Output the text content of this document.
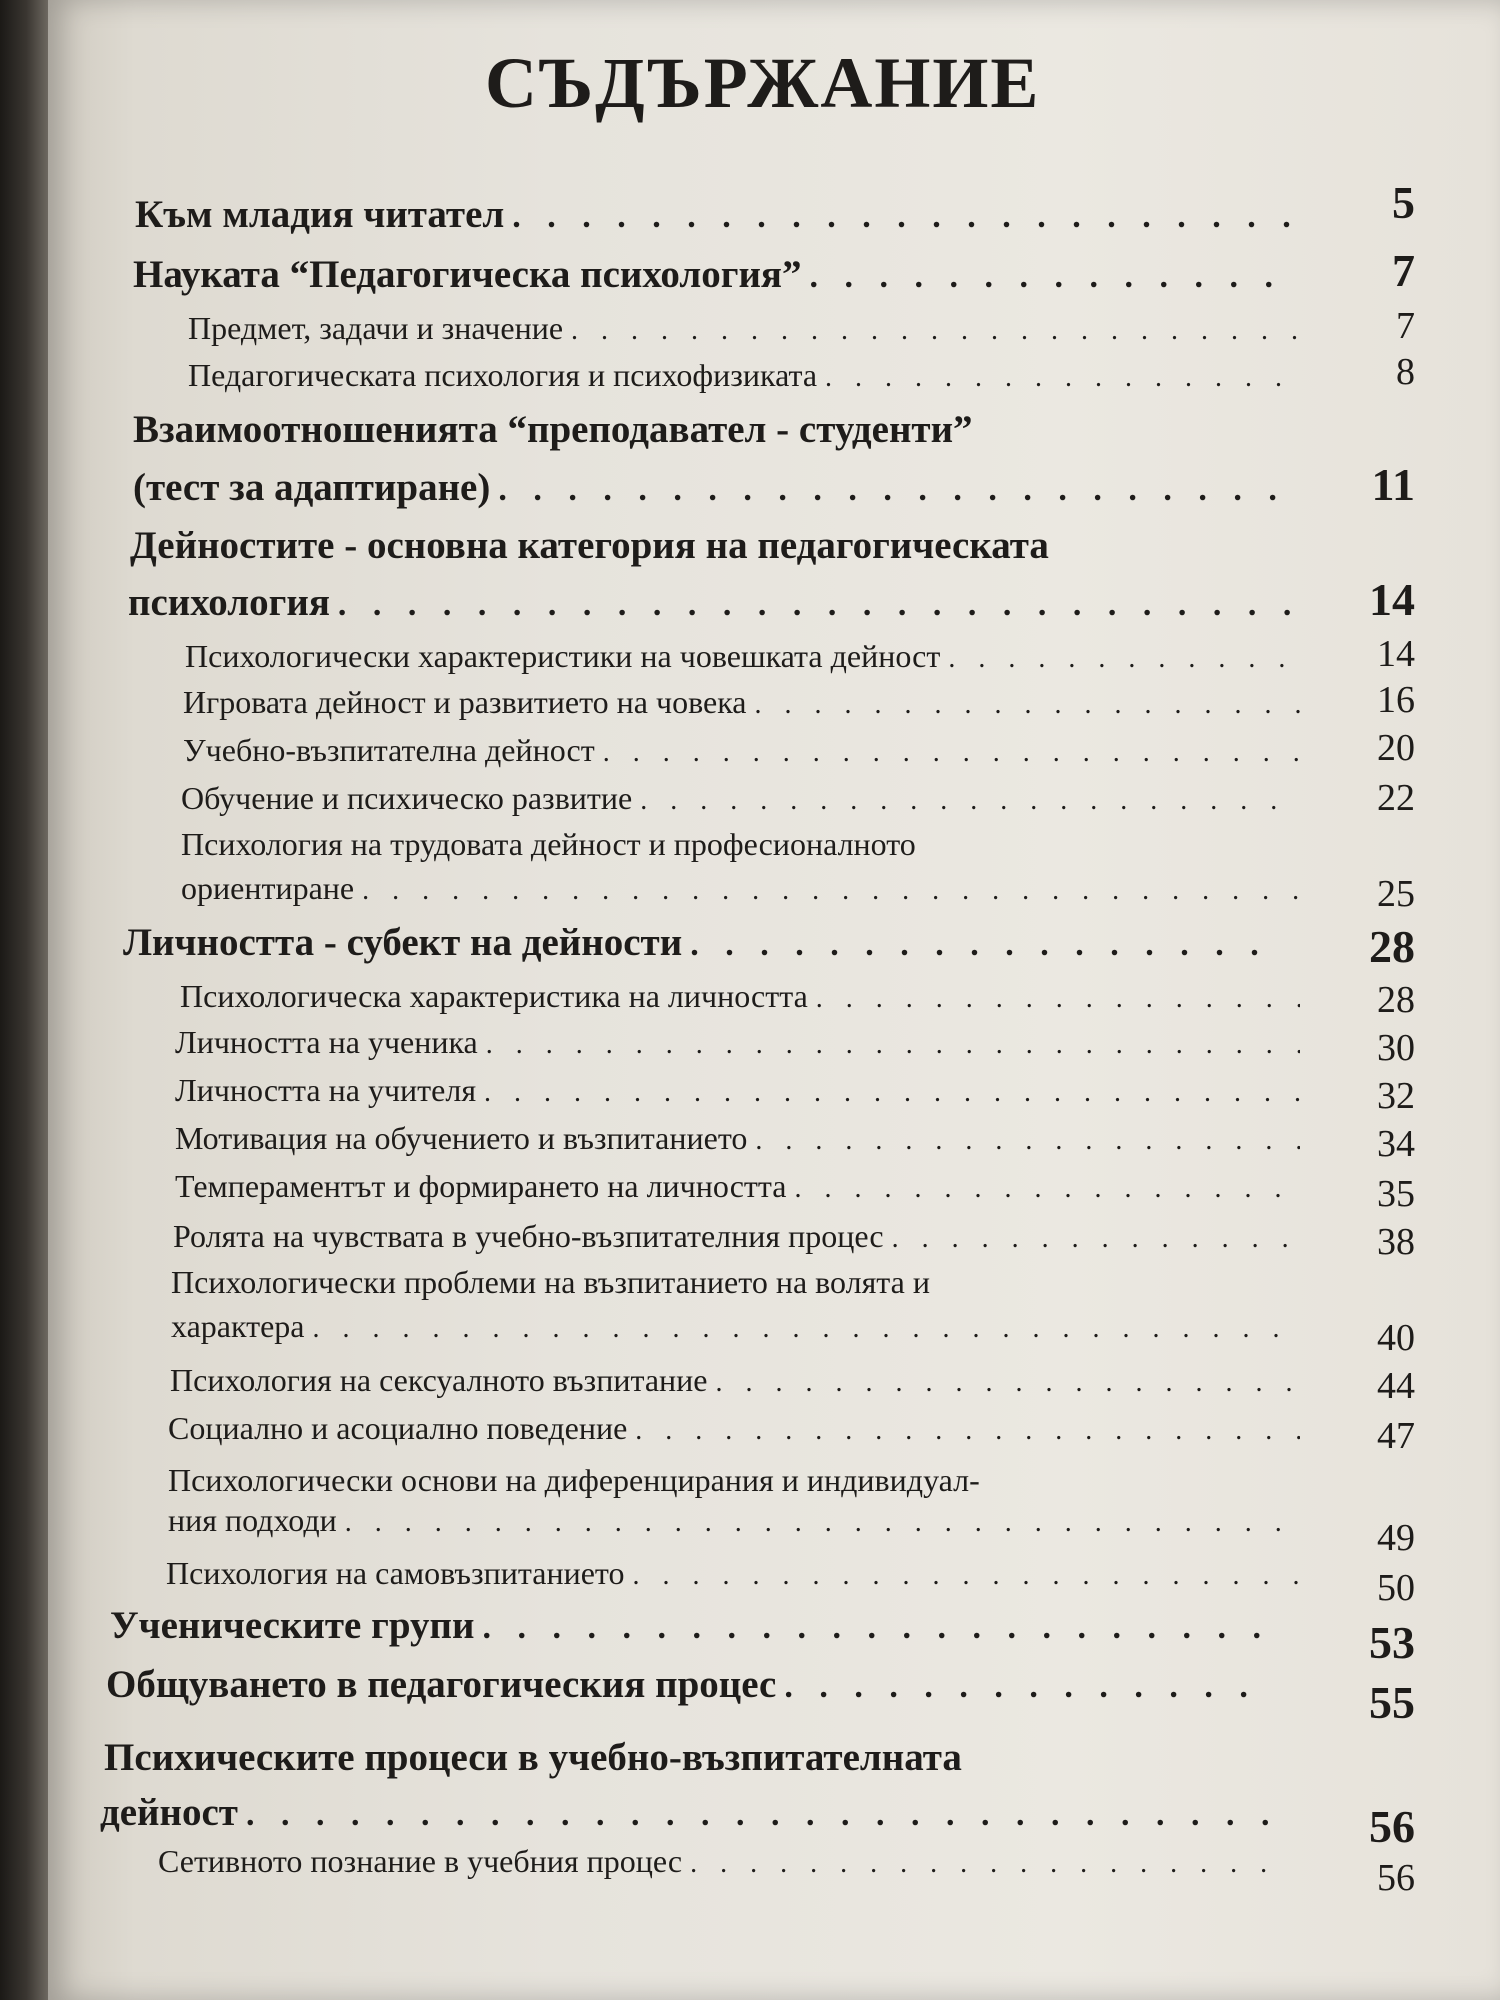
СЪДЪРЖАНИЕ
Към младия читател . . .	5
Науката “Педагогическа психология” . . .	7
Предмет, задачи и значение . . .	7
Педагогическата психология и психофизиката . . .	8
Взаимоотношенията “преподавател - студенти”
(тест за адаптиране) . . .	11
Дейностите - основна категория на педагогическата
психология . . .	14
Психологически характеристики на човешката дейност . . .	14
Игровата дейност и развитието на човека . . .	16
Учебно-възпитателна дейност . . .	20
Обучение и психическо развитие . . .	22
Психология на трудовата дейност и професионалното
ориентиране . . .	25
Личността - субект на дейности . . .	28
Психологическа характеристика на личността . . .	28
Личността на ученика . . .	30
Личността на учителя . . .	32
Мотивация на обучението и възпитанието . . .	34
Темпераментът и формирането на личността . . .	35
Ролята на чувствата в учебно-възпитателния процес . . .	38
Психологически проблеми на възпитанието на волята и
характера . . .	40
Психология на сексуалното възпитание . . .	44
Социално и асоциално поведение . . .	47
Психологически основи на диференцирания и индивидуал-
ния подходи . . .	49
Психология на самовъзпитанието . . .	50
Ученическите групи . . .	53
Общуването в педагогическия процес . . .	55
Психическите процеси в учебно-възпитателната
дейност . . .	56
Сетивното познание в учебния процес . . .	56
